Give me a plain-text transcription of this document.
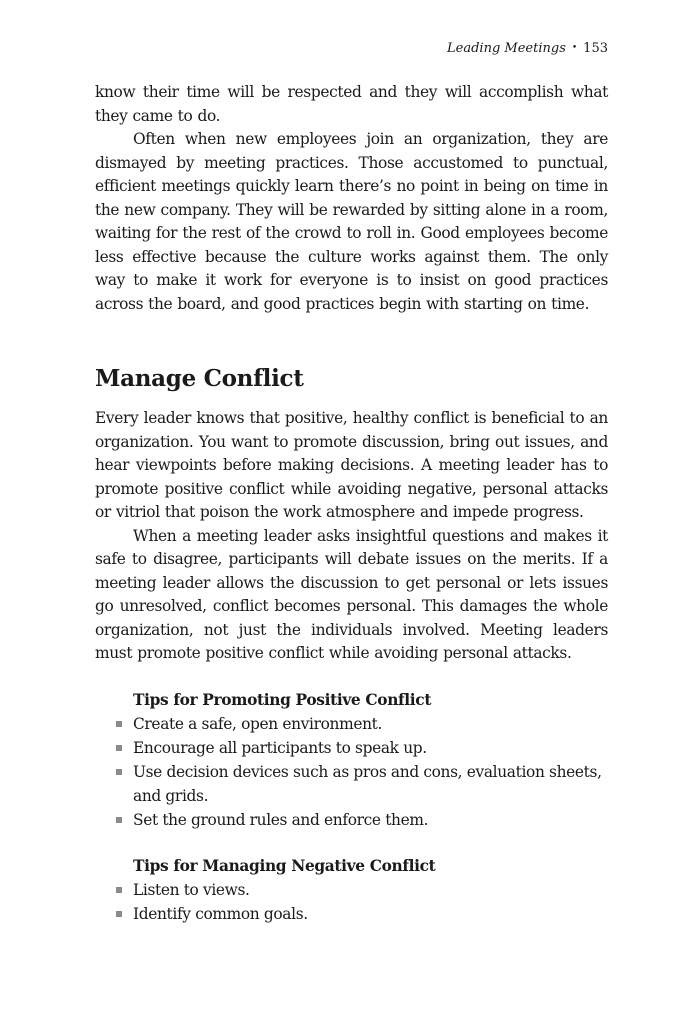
Leading Meetings • 153

know their time will be respected and they will accomplish what they came to do.

Often when new employees join an organization, they are dismayed by meeting practices. Those accustomed to punctual, efficient meetings quickly learn there’s no point in being on time in the new company. They will be rewarded by sitting alone in a room, waiting for the rest of the crowd to roll in. Good employees become less effective because the culture works against them. The only way to make it work for everyone is to insist on good practices across the board, and good practices begin with starting on time.

Manage Conflict

Every leader knows that positive, healthy conflict is beneficial to an organization. You want to promote discussion, bring out issues, and hear viewpoints before making decisions. A meeting leader has to promote positive conflict while avoiding negative, personal attacks or vitriol that poison the work atmosphere and impede progress.

When a meeting leader asks insightful questions and makes it safe to disagree, participants will debate issues on the merits. If a meeting leader allows the discussion to get personal or lets issues go unresolved, conflict becomes personal. This damages the whole organization, not just the individuals involved. Meeting leaders must promote positive conflict while avoiding personal attacks.

Tips for Promoting Positive Conflict
Create a safe, open environment.
Encourage all participants to speak up.
Use decision devices such as pros and cons, evaluation sheets, and grids.
Set the ground rules and enforce them.
Tips for Managing Negative Conflict
Listen to views.
Identify common goals.
